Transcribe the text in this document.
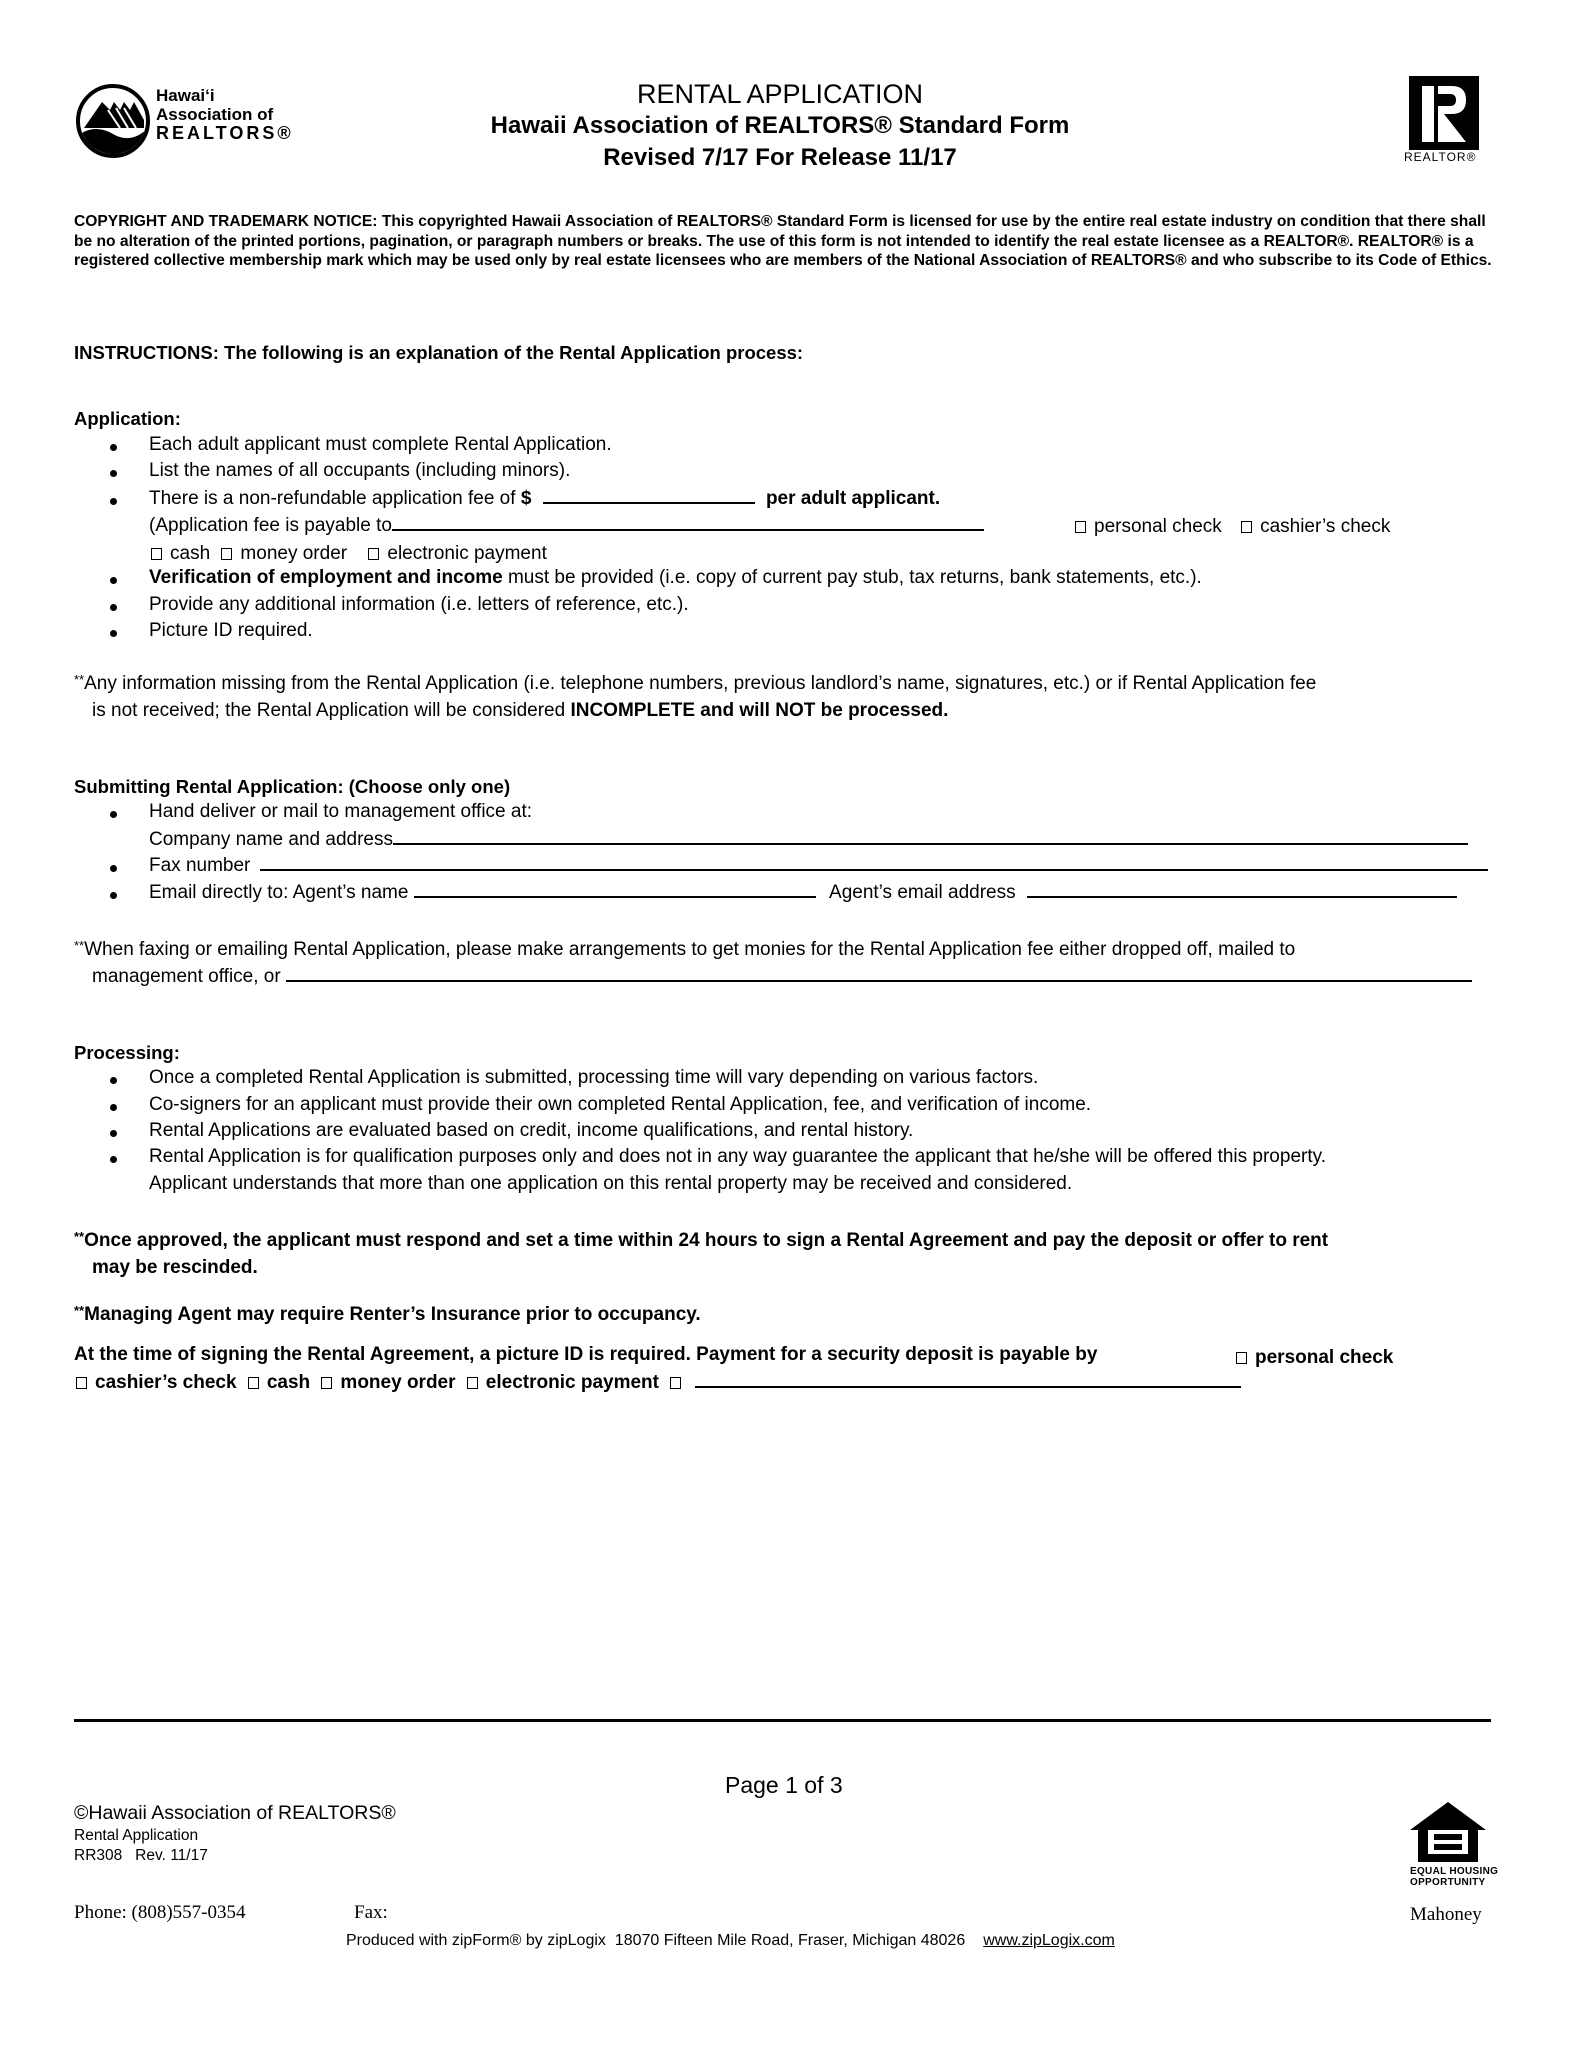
Hawai‘i
Association of
REALTORS®
RENTAL APPLICATION
Hawaii Association of REALTORS® Standard Form
Revised 7/17 For Release 11/17	REALTOR®
COPYRIGHT AND TRADEMARK NOTICE: This copyrighted Hawaii Association of REALTORS® Standard Form is licensed for use by the entire real estate industry on condition that there shall be no alteration of the printed portions, pagination, or paragraph numbers or breaks. The use of this form is not intended to identify the real estate licensee as a REALTOR®. REALTOR® is a registered collective membership mark which may be used only by real estate licensees who are members of the National Association of REALTORS® and who subscribe to its Code of Ethics.
INSTRUCTIONS: The following is an explanation of the Rental Application process:
Application:
Each adult applicant must complete Rental Application.
List the names of all occupants (including minors).
There is a non-refundable application fee of $	per adult applicant.
(Application fee is payable to	personal check cashier’s check
cash money order electronic payment
Verification of employment and income must be provided (i.e. copy of current pay stub, tax returns, bank statements, etc.).
Provide any additional information (i.e. letters of reference, etc.).
Picture ID required.
**Any information missing from the Rental Application (i.e. telephone numbers, previous landlord’s name, signatures, etc.) or if Rental Application fee
is not received; the Rental Application will be considered INCOMPLETE and will NOT be processed.
Submitting Rental Application: (Choose only one)
Hand deliver or mail to management office at:
Company name and address
Fax number
Email directly to: Agent’s name	Agent’s email address
**When faxing or emailing Rental Application, please make arrangements to get monies for the Rental Application fee either dropped off, mailed to
management office, or
Processing:
Once a completed Rental Application is submitted, processing time will vary depending on various factors.
Co-signers for an applicant must provide their own completed Rental Application, fee, and verification of income.
Rental Applications are evaluated based on credit, income qualifications, and rental history.
Rental Application is for qualification purposes only and does not in any way guarantee the applicant that he/she will be offered this property.
Applicant understands that more than one application on this rental property may be received and considered.
**Once approved, the applicant must respond and set a time within 24 hours to sign a Rental Agreement and pay the deposit or offer to rent
may be rescinded.
**Managing Agent may require Renter’s Insurance prior to occupancy.
At the time of signing the Rental Agreement, a picture ID is required. Payment for a security deposit is payable by	personal check
cashier’s check cash money order electronic payment
Page 1 of 3
©Hawaii Association of REALTORS®
Rental Application
RR308   Rev. 11/17
EQUAL HOUSING
OPPORTUNITY
Phone: (808)557-0354	Fax:	Mahoney
Produced with zipForm® by zipLogix  18070 Fifteen Mile Road, Fraser, Michigan 48026 www.zipLogix.com
